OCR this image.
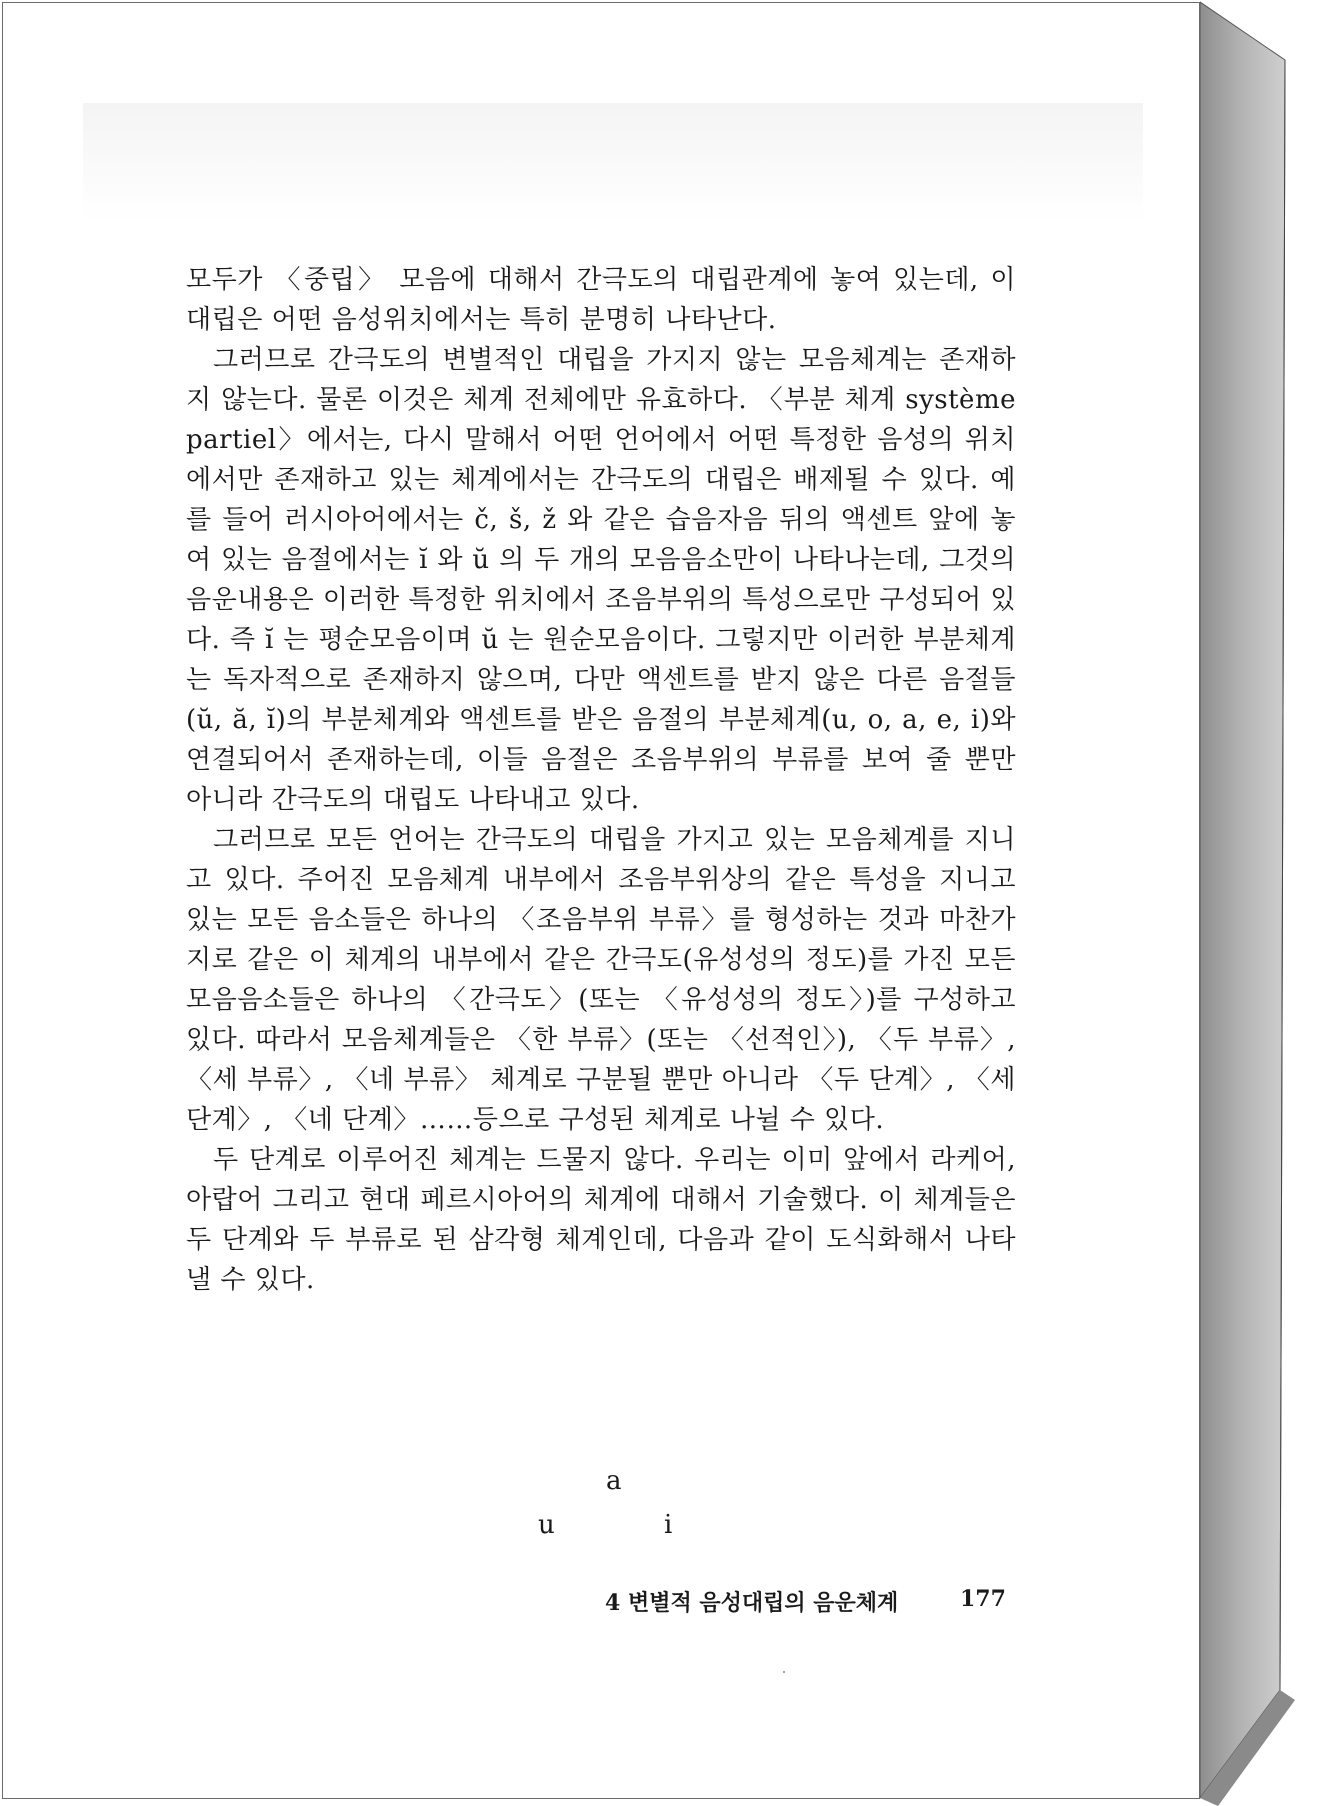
모두가 〈중립〉 모음에 대해서 간극도의 대립관계에 놓여 있는데, 이 대립은 어떤 음성위치에서는 특히 분명히 나타난다.

그러므로 간극도의 변별적인 대립을 가지지 않는 모음체계는 존재하지 않는다. 물론 이것은 체계 전체에만 유효하다. 〈부분 체계 système partiel〉에서는, 다시 말해서 어떤 언어에서 어떤 특정한 음성의 위치에서만 존재하고 있는 체계에서는 간극도의 대립은 배제될 수 있다. 예를 들어 러시아어에서는 č, š, ž 와 같은 습음자음 뒤의 액센트 앞에 놓여 있는 음절에서는 ĭ 와 ŭ 의 두 개의 모음음소만이 나타나는데, 그것의 음운내용은 이러한 특정한 위치에서 조음부위의 특성으로만 구성되어 있다. 즉 ĭ 는 평순모음이며 ŭ 는 원순모음이다. 그렇지만 이러한 부분체계는 독자적으로 존재하지 않으며, 다만 액센트를 받지 않은 다른 음절들(ŭ, ă, ĭ)의 부분체계와 액센트를 받은 음절의 부분체계(u, o, a, e, i)와 연결되어서 존재하는데, 이들 음절은 조음부위의 부류를 보여 줄 뿐만 아니라 간극도의 대립도 나타내고 있다.

그러므로 모든 언어는 간극도의 대립을 가지고 있는 모음체계를 지니고 있다. 주어진 모음체계 내부에서 조음부위상의 같은 특성을 지니고 있는 모든 음소들은 하나의 〈조음부위 부류〉를 형성하는 것과 마찬가지로 같은 이 체계의 내부에서 같은 간극도(유성성의 정도)를 가진 모든 모음음소들은 하나의 〈간극도〉(또는 〈유성성의 정도〉)를 구성하고 있다. 따라서 모음체계들은 〈한 부류〉(또는 〈선적인〉), 〈두 부류〉, 〈세 부류〉, 〈네 부류〉 체계로 구분될 뿐만 아니라 〈두 단계〉, 〈세 단계〉, 〈네 단계〉……등으로 구성된 체계로 나뉠 수 있다.

두 단계로 이루어진 체계는 드물지 않다. 우리는 이미 앞에서 라케어, 아랍어 그리고 현대 페르시아어의 체계에 대해서 기술했다. 이 체계들은 두 단계와 두 부류로 된 삼각형 체계인데, 다음과 같이 도식화해서 나타낼 수 있다.

a
u	i
4 변별적 음성대립의 음운체계	177
